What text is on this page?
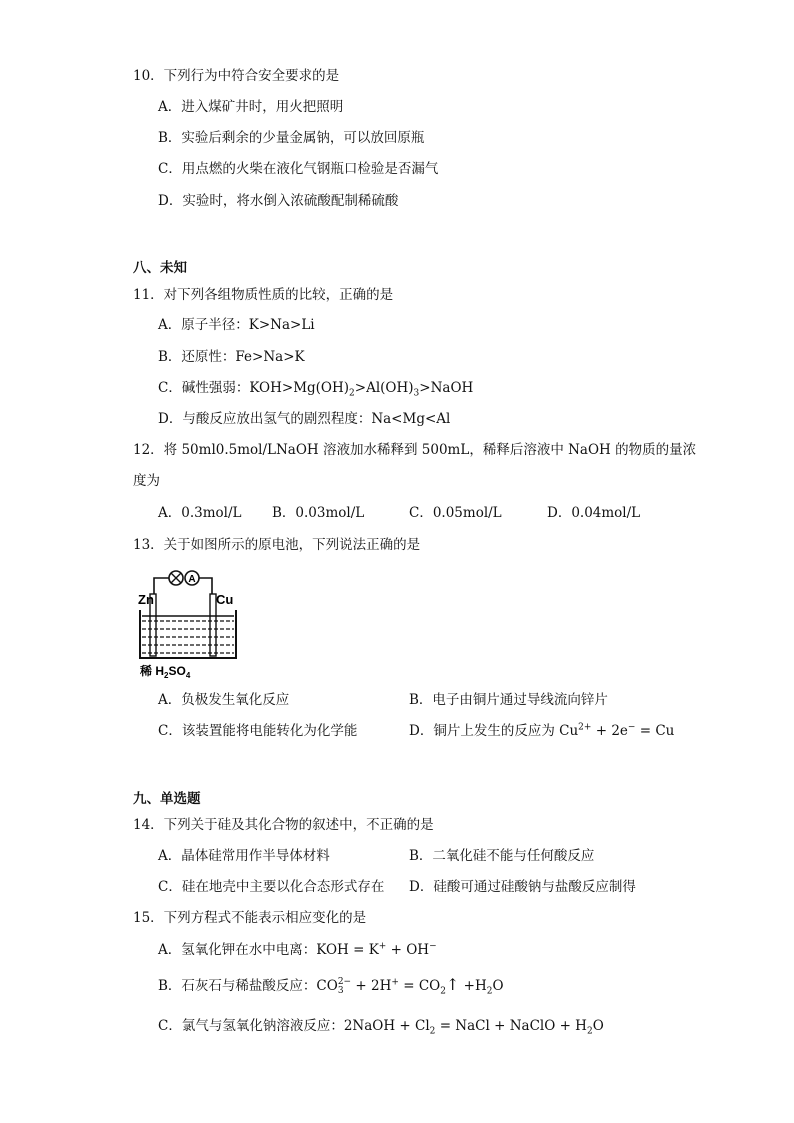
10．下列行为中符合安全要求的是
A．进入煤矿井时，用火把照明
B．实验后剩余的少量金属钠，可以放回原瓶
C．用点燃的火柴在液化气钢瓶口检验是否漏气
D．实验时，将水倒入浓硫酸配制稀硫酸
八、未知
11．对下列各组物质性质的比较，正确的是
A．原子半径：K>Na>Li
B．还原性：Fe>Na>K
C．碱性强弱：$KOH>Mg(OH)_2>Al(OH)_3>NaOH$
D．与酸反应放出氢气的剧烈程度：Na<Mg<Al
12．将 50ml0.5mol/LNaOH 溶液加水稀释到 500mL，稀释后溶液中 NaOH 的物质的量浓
度为
A．0.3mol/L B．0.03mol/L	C．0.05mol/L	D．0.04mol/L
13．关于如图所示的原电池，下列说法正确的是
A
Zn	Cu
稀 $H_2SO_4$
A．负极发生氧化反应	B．电子由铜片通过导线流向锌片
C．该装置能将电能转化为化学能	D．铜片上发生的反应为 $Cu^{2+} + 2e^- = Cu$
九、单选题
14．下列关于硅及其化合物的叙述中，不正确的是
A．晶体硅常用作半导体材料	B．二氧化硅不能与任何酸反应
C．硅在地壳中主要以化合态形式存在 D．硅酸可通过硅酸钠与盐酸反应制得
15．下列方程式不能表示相应变化的是
A．氢氧化钾在水中电离：KOH = K+ + OH−
B．石灰石与稀盐酸反应：CO 2−
$3 + 2H^+ = CO_2↑ +H_2O$
C．氯气与氢氧化钠溶液反应：2NaOH + $Cl_2$ = NaCl + NaClO + $H_2O$
